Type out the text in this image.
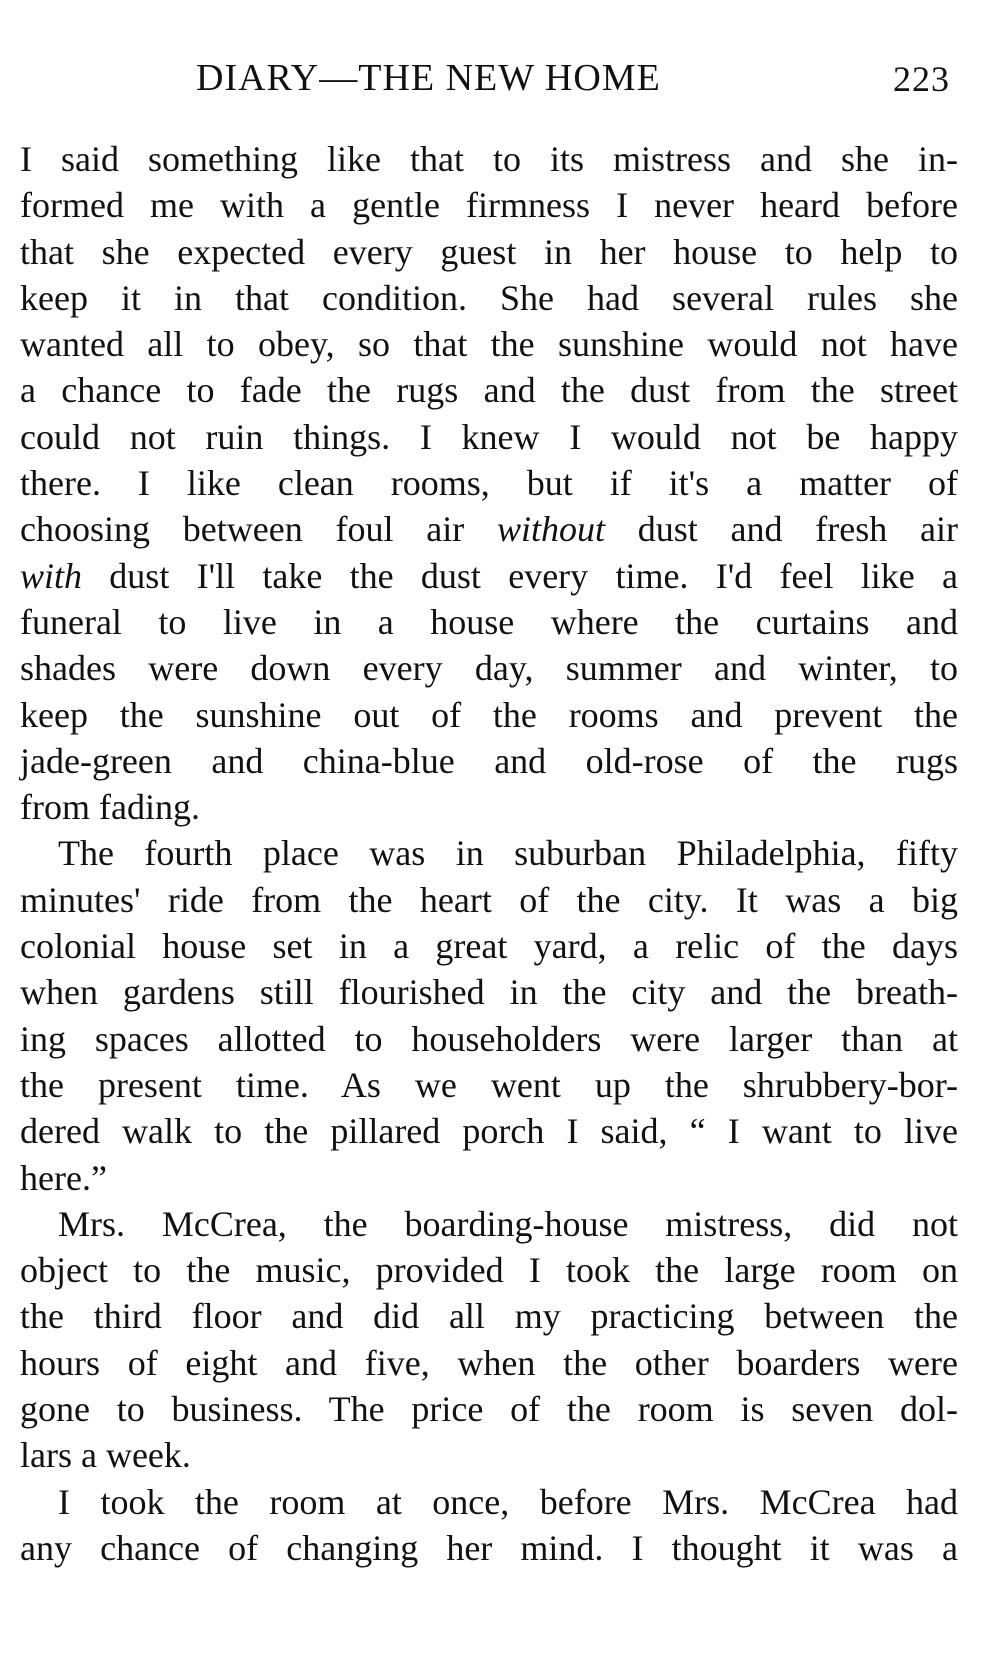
DIARY—THE NEW HOME	223
I said something like that to its mistress and she in-
formed me with a gentle firmness I never heard before
that she expected every guest in her house to help to
keep it in that condition. She had several rules she
wanted all to obey, so that the sunshine would not have
a chance to fade the rugs and the dust from the street
could not ruin things. I knew I would not be happy
there. I like clean rooms, but if it's a matter of
choosing between foul air without dust and fresh air
with dust I'll take the dust every time. I'd feel like a
funeral to live in a house where the curtains and
shades were down every day, summer and winter, to
keep the sunshine out of the rooms and prevent the
jade-green and china-blue and old-rose of the rugs
from fading.
The fourth place was in suburban Philadelphia, fifty
minutes' ride from the heart of the city. It was a big
colonial house set in a great yard, a relic of the days
when gardens still flourished in the city and the breath-
ing spaces allotted to householders were larger than at
the present time. As we went up the shrubbery-bor-
dered walk to the pillared porch I said, “ I want to live
here.”
Mrs. McCrea, the boarding-house mistress, did not
object to the music, provided I took the large room on
the third floor and did all my practicing between the
hours of eight and five, when the other boarders were
gone to business. The price of the room is seven dol-
lars a week.
I took the room at once, before Mrs. McCrea had
any chance of changing her mind. I thought it was a
